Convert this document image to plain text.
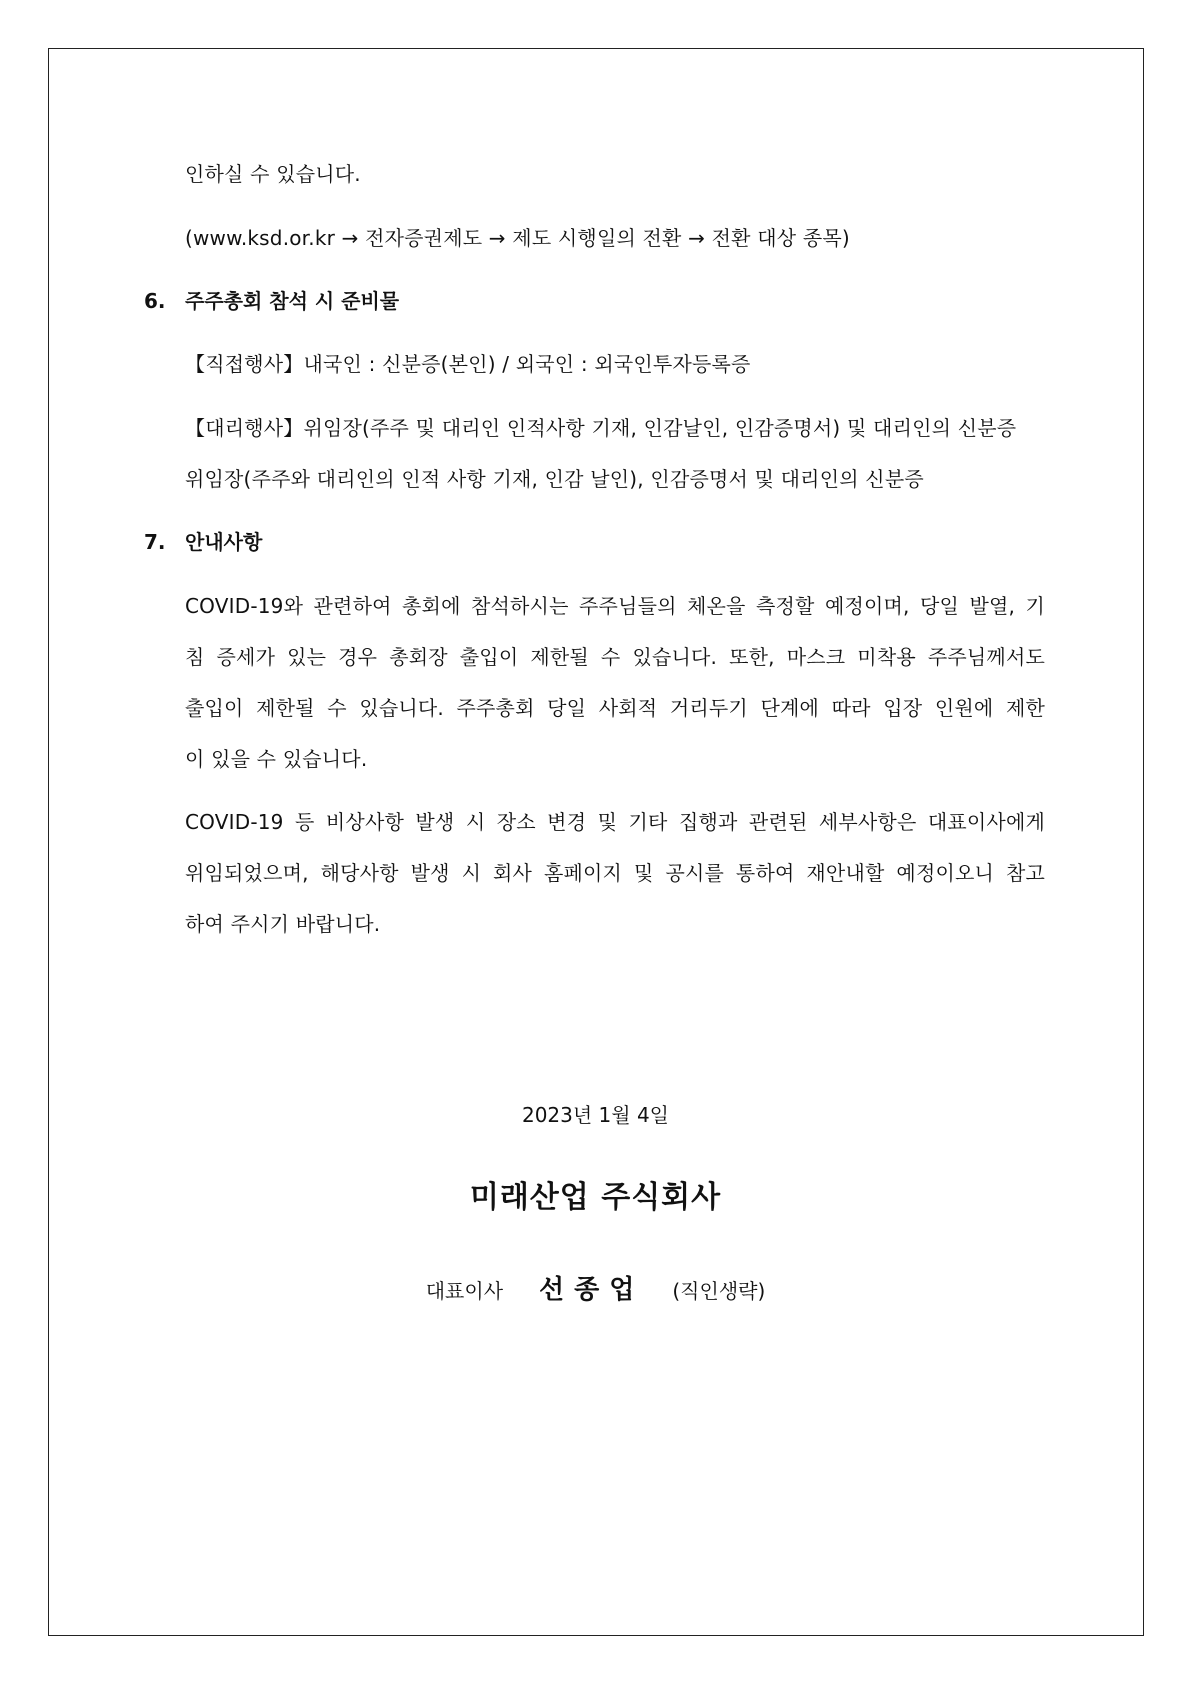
인하실 수 있습니다.
(www.ksd.or.kr → 전자증권제도 → 제도 시행일의 전환 → 전환 대상 종목)
6. 주주총회 참석 시 준비물
【직접행사】내국인 : 신분증(본인) / 외국인 : 외국인투자등록증
【대리행사】위임장(주주 및 대리인 인적사항 기재, 인감날인, 인감증명서) 및 대리인의 신분증
위임장(주주와 대리인의 인적 사항 기재, 인감 날인), 인감증명서 및 대리인의 신분증
7. 안내사항
COVID-19와 관련하여 총회에 참석하시는 주주님들의 체온을 측정할 예정이며, 당일 발열, 기
침 증세가 있는 경우 총회장 출입이 제한될 수 있습니다. 또한, 마스크 미착용 주주님께서도
출입이 제한될 수 있습니다. 주주총회 당일 사회적 거리두기 단계에 따라 입장 인원에 제한
이 있을 수 있습니다.
COVID-19 등 비상사항 발생 시 장소 변경 및 기타 집행과 관련된 세부사항은 대표이사에게
위임되었으며, 해당사항 발생 시 회사 홈페이지 및 공시를 통하여 재안내할 예정이오니 참고
하여 주시기 바랍니다.
2023년 1월 4일
미래산업 주식회사
대표이사 선종업 (직인생략)
